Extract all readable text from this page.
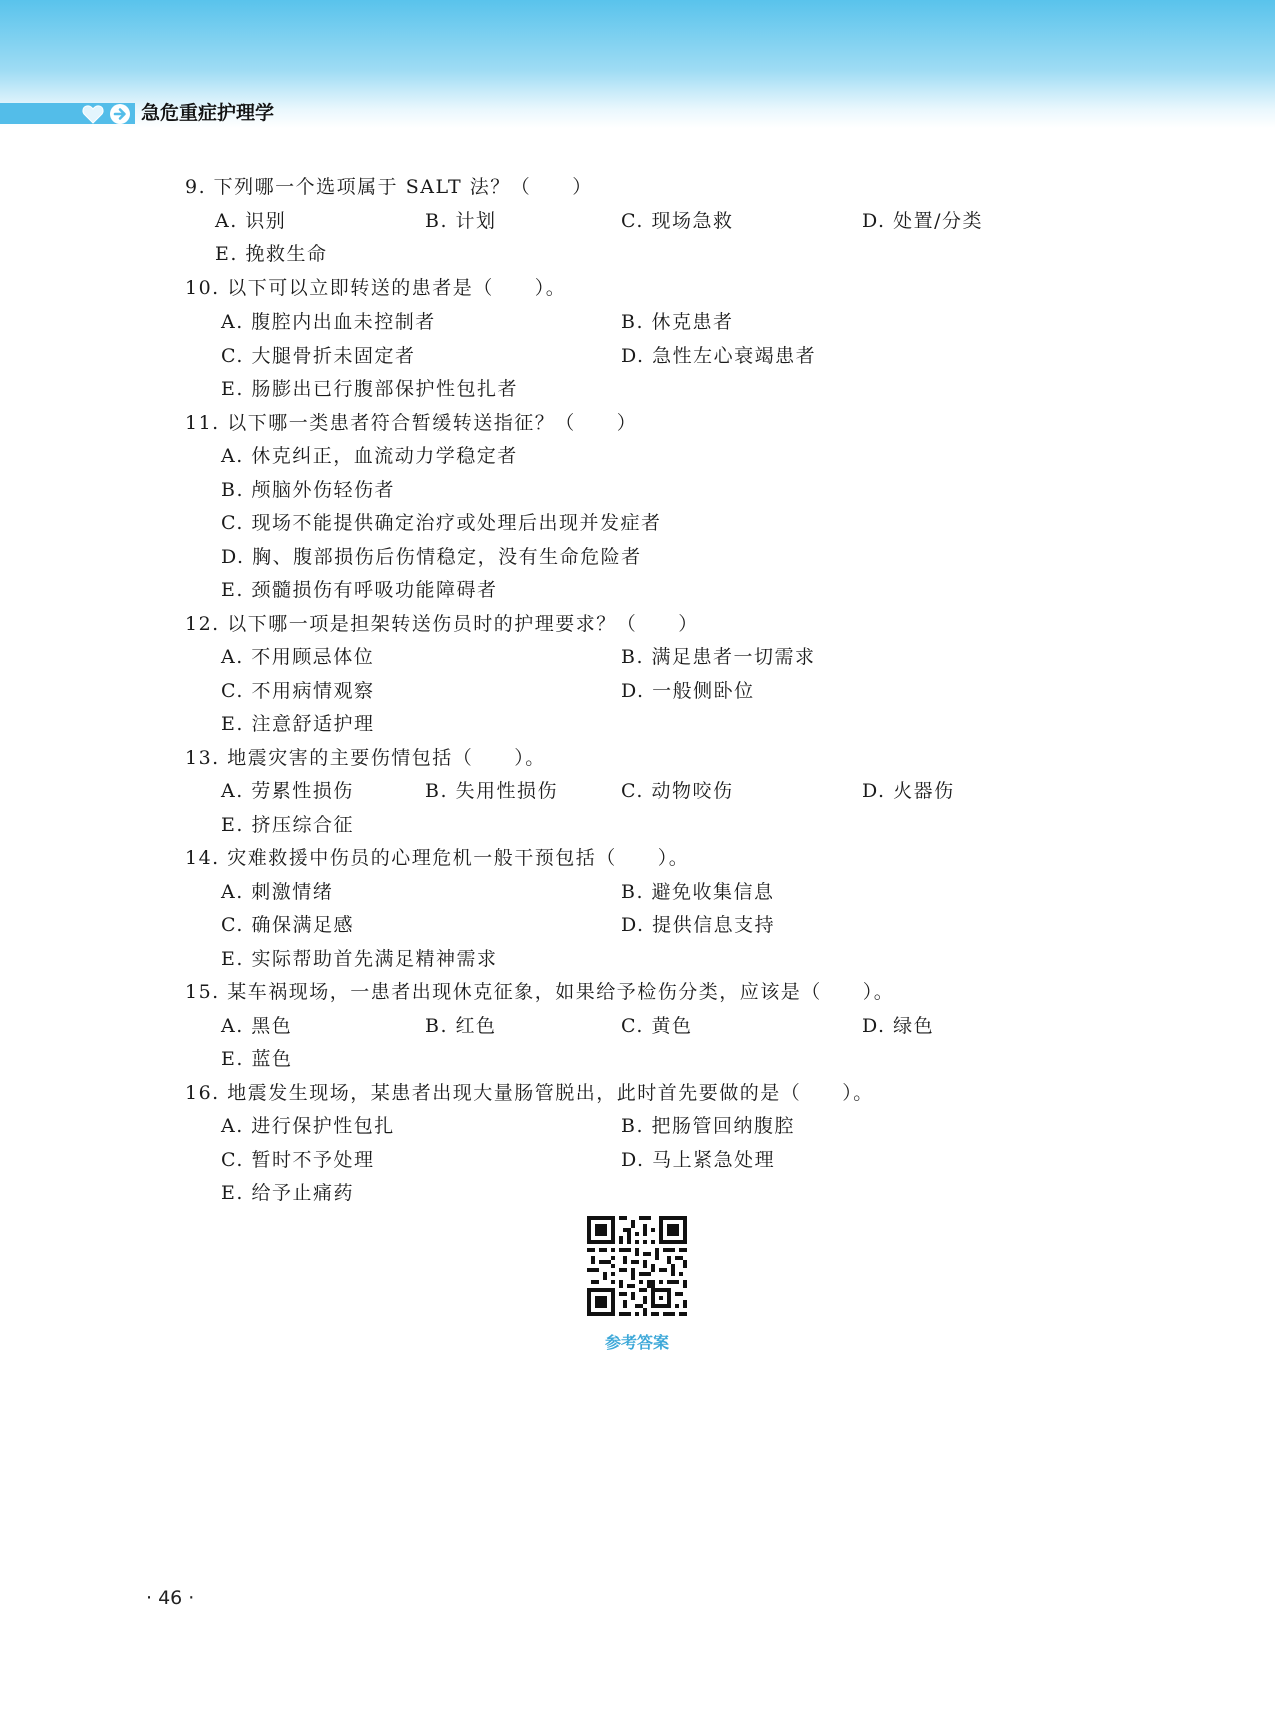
急危重症护理学
9. 下列哪一个选项属于 SALT 法？（　　）
A. 识别	B. 计划	C. 现场急救	D. 处置/分类
E. 挽救生命
10. 以下可以立即转送的患者是（　　）。
A. 腹腔内出血未控制者	B. 休克患者
C. 大腿骨折未固定者	D. 急性左心衰竭患者
E. 肠膨出已行腹部保护性包扎者
11. 以下哪一类患者符合暂缓转送指征？（　　）
A. 休克纠正，血流动力学稳定者
B. 颅脑外伤轻伤者
C. 现场不能提供确定治疗或处理后出现并发症者
D. 胸、腹部损伤后伤情稳定，没有生命危险者
E. 颈髓损伤有呼吸功能障碍者
12. 以下哪一项是担架转送伤员时的护理要求？（　　）
A. 不用顾忌体位	B. 满足患者一切需求
C. 不用病情观察	D. 一般侧卧位
E. 注意舒适护理
13. 地震灾害的主要伤情包括（　　）。
A. 劳累性损伤	B. 失用性损伤	C. 动物咬伤	D. 火器伤
E. 挤压综合征
14. 灾难救援中伤员的心理危机一般干预包括（　　）。
A. 刺激情绪	B. 避免收集信息
C. 确保满足感	D. 提供信息支持
E. 实际帮助首先满足精神需求
15. 某车祸现场，一患者出现休克征象，如果给予检伤分类，应该是（　　）。
A. 黑色	B. 红色	C. 黄色	D. 绿色
E. 蓝色
16. 地震发生现场，某患者出现大量肠管脱出，此时首先要做的是（　　）。
A. 进行保护性包扎	B. 把肠管回纳腹腔
C. 暂时不予处理	D. 马上紧急处理
E. 给予止痛药
参考答案
· 46 ·
